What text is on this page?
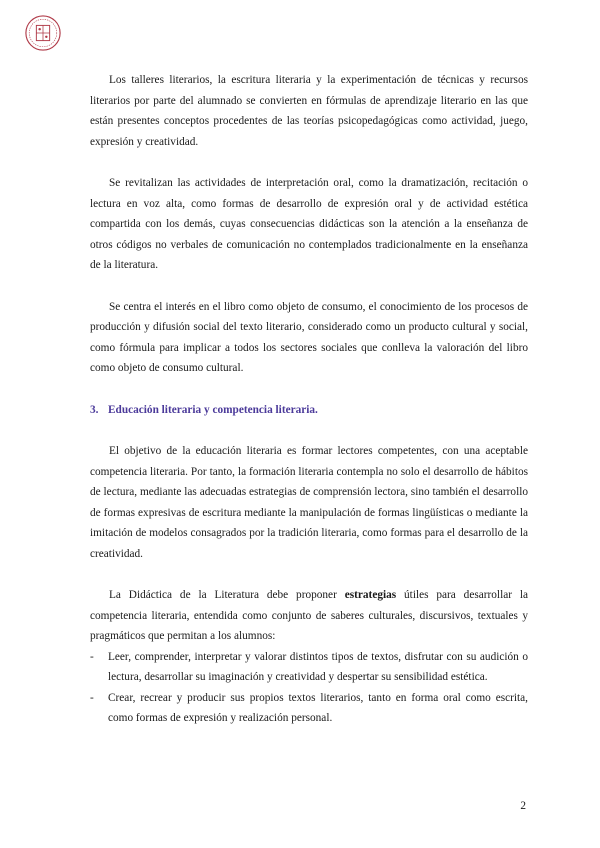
Los talleres literarios, la escritura literaria y la experimentación de técnicas y recursos literarios por parte del alumnado se convierten en fórmulas de aprendizaje literario en las que están presentes conceptos procedentes de las teorías psicopedagógicas como actividad, juego, expresión y creatividad.

Se revitalizan las actividades de interpretación oral, como la dramatización, recitación o lectura en voz alta, como formas de desarrollo de expresión oral y de actividad estética compartida con los demás, cuyas consecuencias didácticas son la atención a la enseñanza de otros códigos no verbales de comunicación no contemplados tradicionalmente en la enseñanza de la literatura.

Se centra el interés en el libro como objeto de consumo, el conocimiento de los procesos de producción y difusión social del texto literario, considerado como un producto cultural y social, como fórmula para implicar a todos los sectores sociales que conlleva la valoración del libro como objeto de consumo cultural.

3. Educación literaria y competencia literaria.

El objetivo de la educación literaria es formar lectores competentes, con una aceptable competencia literaria. Por tanto, la formación literaria contempla no solo el desarrollo de hábitos de lectura, mediante las adecuadas estrategias de comprensión lectora, sino también el desarrollo de formas expresivas de escritura mediante la manipulación de formas lingüísticas o mediante la imitación de modelos consagrados por la tradición literaria, como formas para el desarrollo de la creatividad.

La Didáctica de la Literatura debe proponer estrategias útiles para desarrollar la competencia literaria, entendida como conjunto de saberes culturales, discursivos, textuales y pragmáticos que permitan a los alumnos:

- Leer, comprender, interpretar y valorar distintos tipos de textos, disfrutar con su audición o lectura, desarrollar su imaginación y creatividad y despertar su sensibilidad estética.
- Crear, recrear y producir sus propios textos literarios, tanto en forma oral como escrita, como formas de expresión y realización personal.
2
